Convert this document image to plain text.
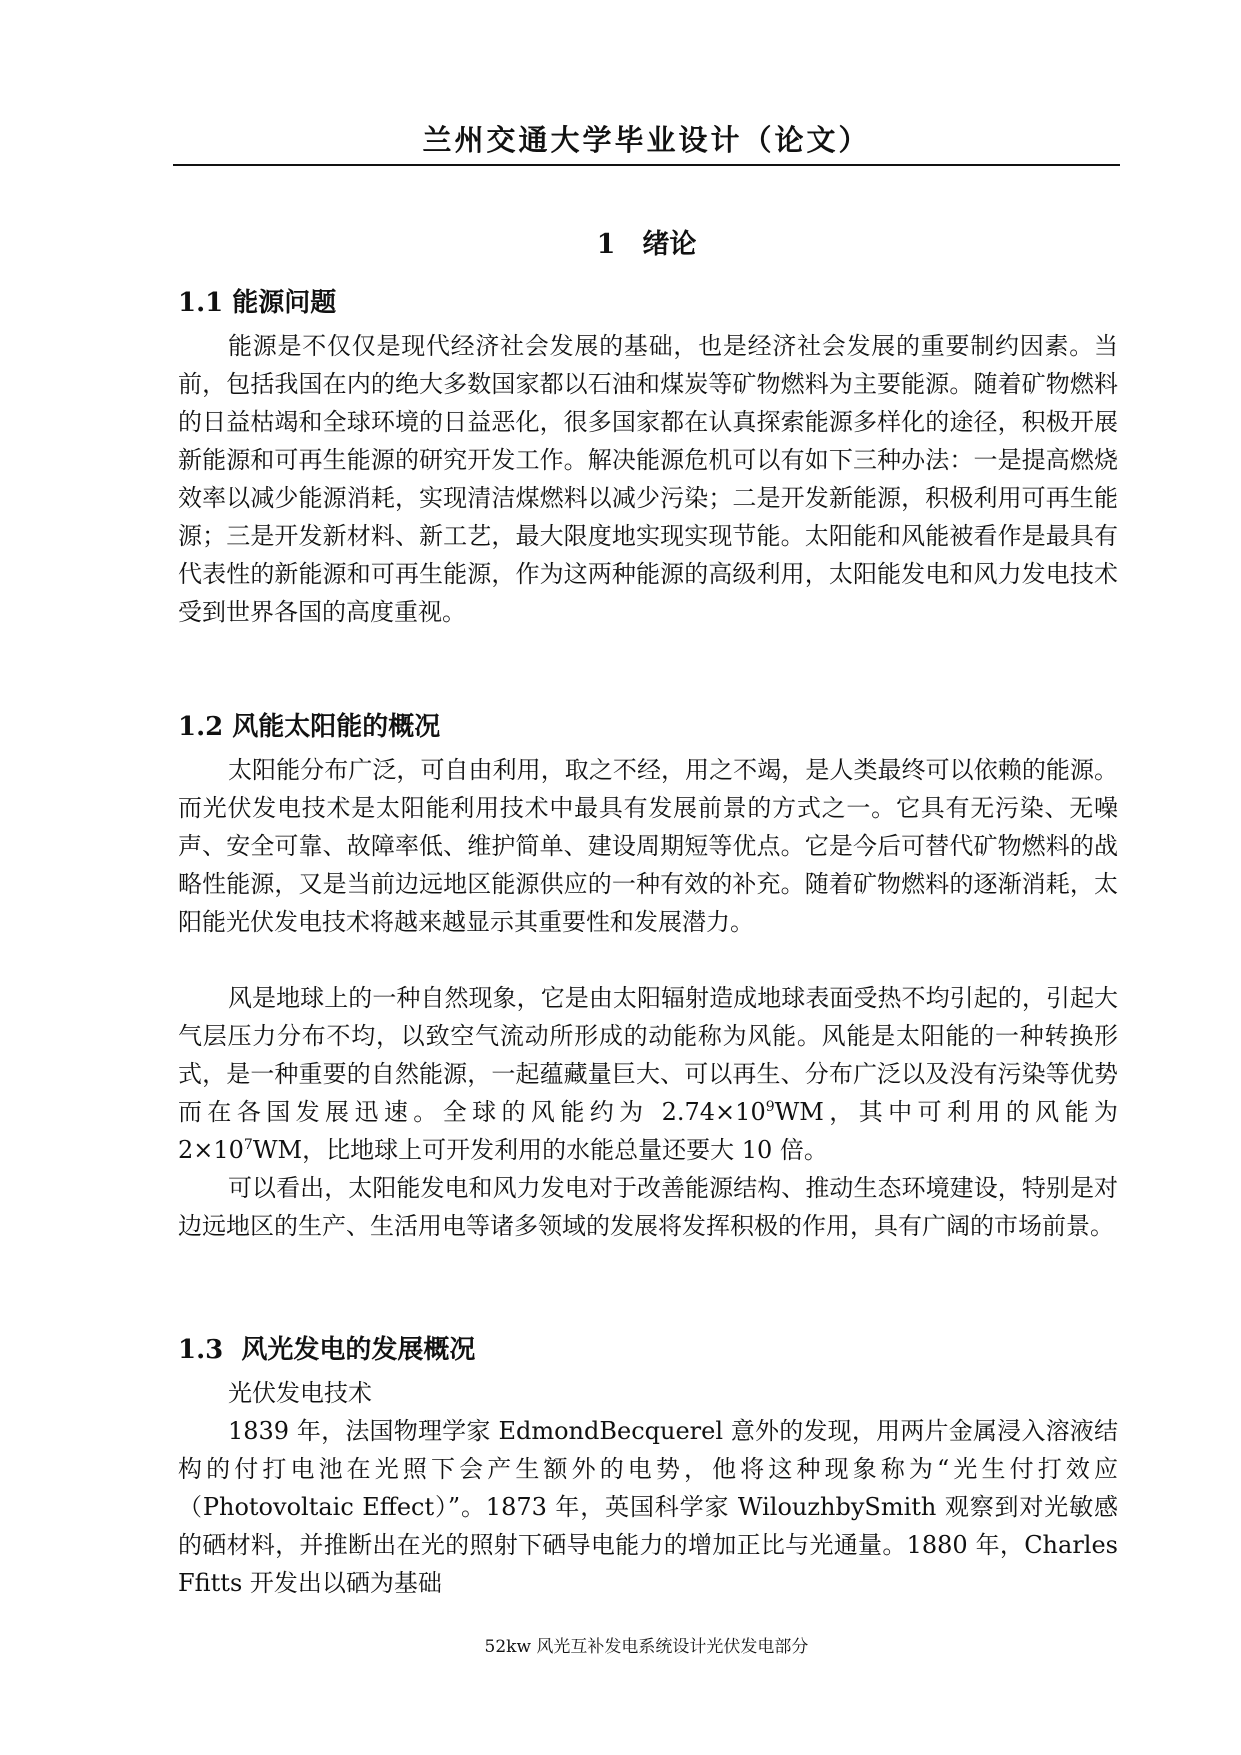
兰州交通大学毕业设计（论文）
1　绪论
1.1 能源问题

能源是不仅仅是现代经济社会发展的基础，也是经济社会发展的重要制约因素。当前，包括我国在内的绝大多数国家都以石油和煤炭等矿物燃料为主要能源。随着矿物燃料的日益枯竭和全球环境的日益恶化，很多国家都在认真探索能源多样化的途径，积极开展新能源和可再生能源的研究开发工作。解决能源危机可以有如下三种办法：一是提高燃烧效率以减少能源消耗，实现清洁煤燃料以减少污染；二是开发新能源，积极利用可再生能源；三是开发新材料、新工艺，最大限度地实现实现节能。太阳能和风能被看作是最具有代表性的新能源和可再生能源，作为这两种能源的高级利用，太阳能发电和风力发电技术受到世界各国的高度重视。

1.2 风能太阳能的概况

太阳能分布广泛，可自由利用，取之不经，用之不竭，是人类最终可以依赖的能源。而光伏发电技术是太阳能利用技术中最具有发展前景的方式之一。它具有无污染、无噪声、安全可靠、故障率低、维护简单、建设周期短等优点。它是今后可替代矿物燃料的战略性能源，又是当前边远地区能源供应的一种有效的补充。随着矿物燃料的逐渐消耗，太阳能光伏发电技术将越来越显示其重要性和发展潜力。

风是地球上的一种自然现象，它是由太阳辐射造成地球表面受热不均引起的，引起大气层压力分布不均，以致空气流动所形成的动能称为风能。风能是太阳能的一种转换形式，是一种重要的自然能源，一起蕴藏量巨大、可以再生、分布广泛以及没有污染等优势而在各国发展迅速。全球的风能约为 $2.74\times 10^9WM$，其中可利用的风能为 $2\times 10^7WM$，比地球上可开发利用的水能总量还要大 10 倍。

可以看出，太阳能发电和风力发电对于改善能源结构、推动生态环境建设，特别是对边远地区的生产、生活用电等诸多领域的发展将发挥积极的作用，具有广阔的市场前景。

1.3  风光发电的发展概况

光伏发电技术

1839 年，法国物理学家 EdmondBecquerel 意外的发现，用两片金属浸入溶液结构的付打电池在光照下会产生额外的电势，他将这种现象称为“光生付打效应（Photovoltaic Effect）”。1873 年，英国科学家 WilouzhbySmith 观察到对光敏感的硒材料，并推断出在光的照射下硒导电能力的增加正比与光通量。1880 年，Charles Ffitts 开发出以硒为基础

52kw 风光互补发电系统设计光伏发电部分
